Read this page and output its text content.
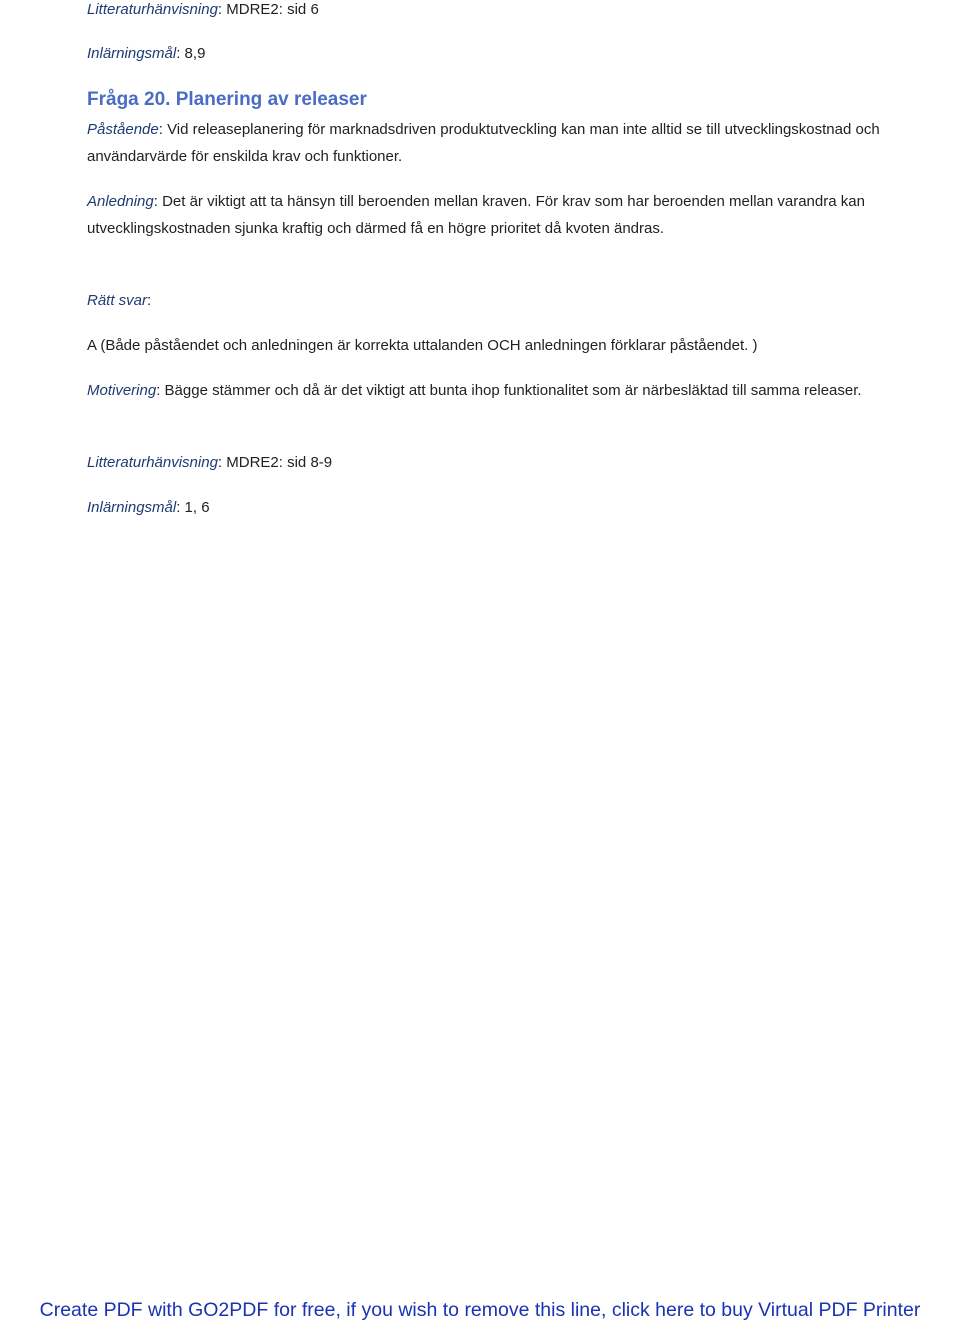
Litteraturhänvisning: MDRE2: sid 6

Inlärningsmål: 8,9

Fråga 20. Planering av releaser

Påstående: Vid releaseplanering för marknadsdriven produktutveckling kan man inte alltid se till utvecklingskostnad och användarvärde för enskilda krav och funktioner.

Anledning: Det är viktigt att ta hänsyn till beroenden mellan kraven. För krav som har beroenden mellan varandra kan utvecklingskostnaden sjunka kraftig och därmed få en högre prioritet då kvoten ändras.

Rätt svar:

A (Både påståendet och anledningen är korrekta uttalanden OCH anledningen förklarar påståendet. )

Motivering: Bägge stämmer och då är det viktigt att bunta ihop funktionalitet som är närbesläktad till samma releaser.

Litteraturhänvisning: MDRE2: sid 8-9

Inlärningsmål: 1, 6

Create PDF with GO2PDF for free, if you wish to remove this line, click here to buy Virtual PDF Printer
